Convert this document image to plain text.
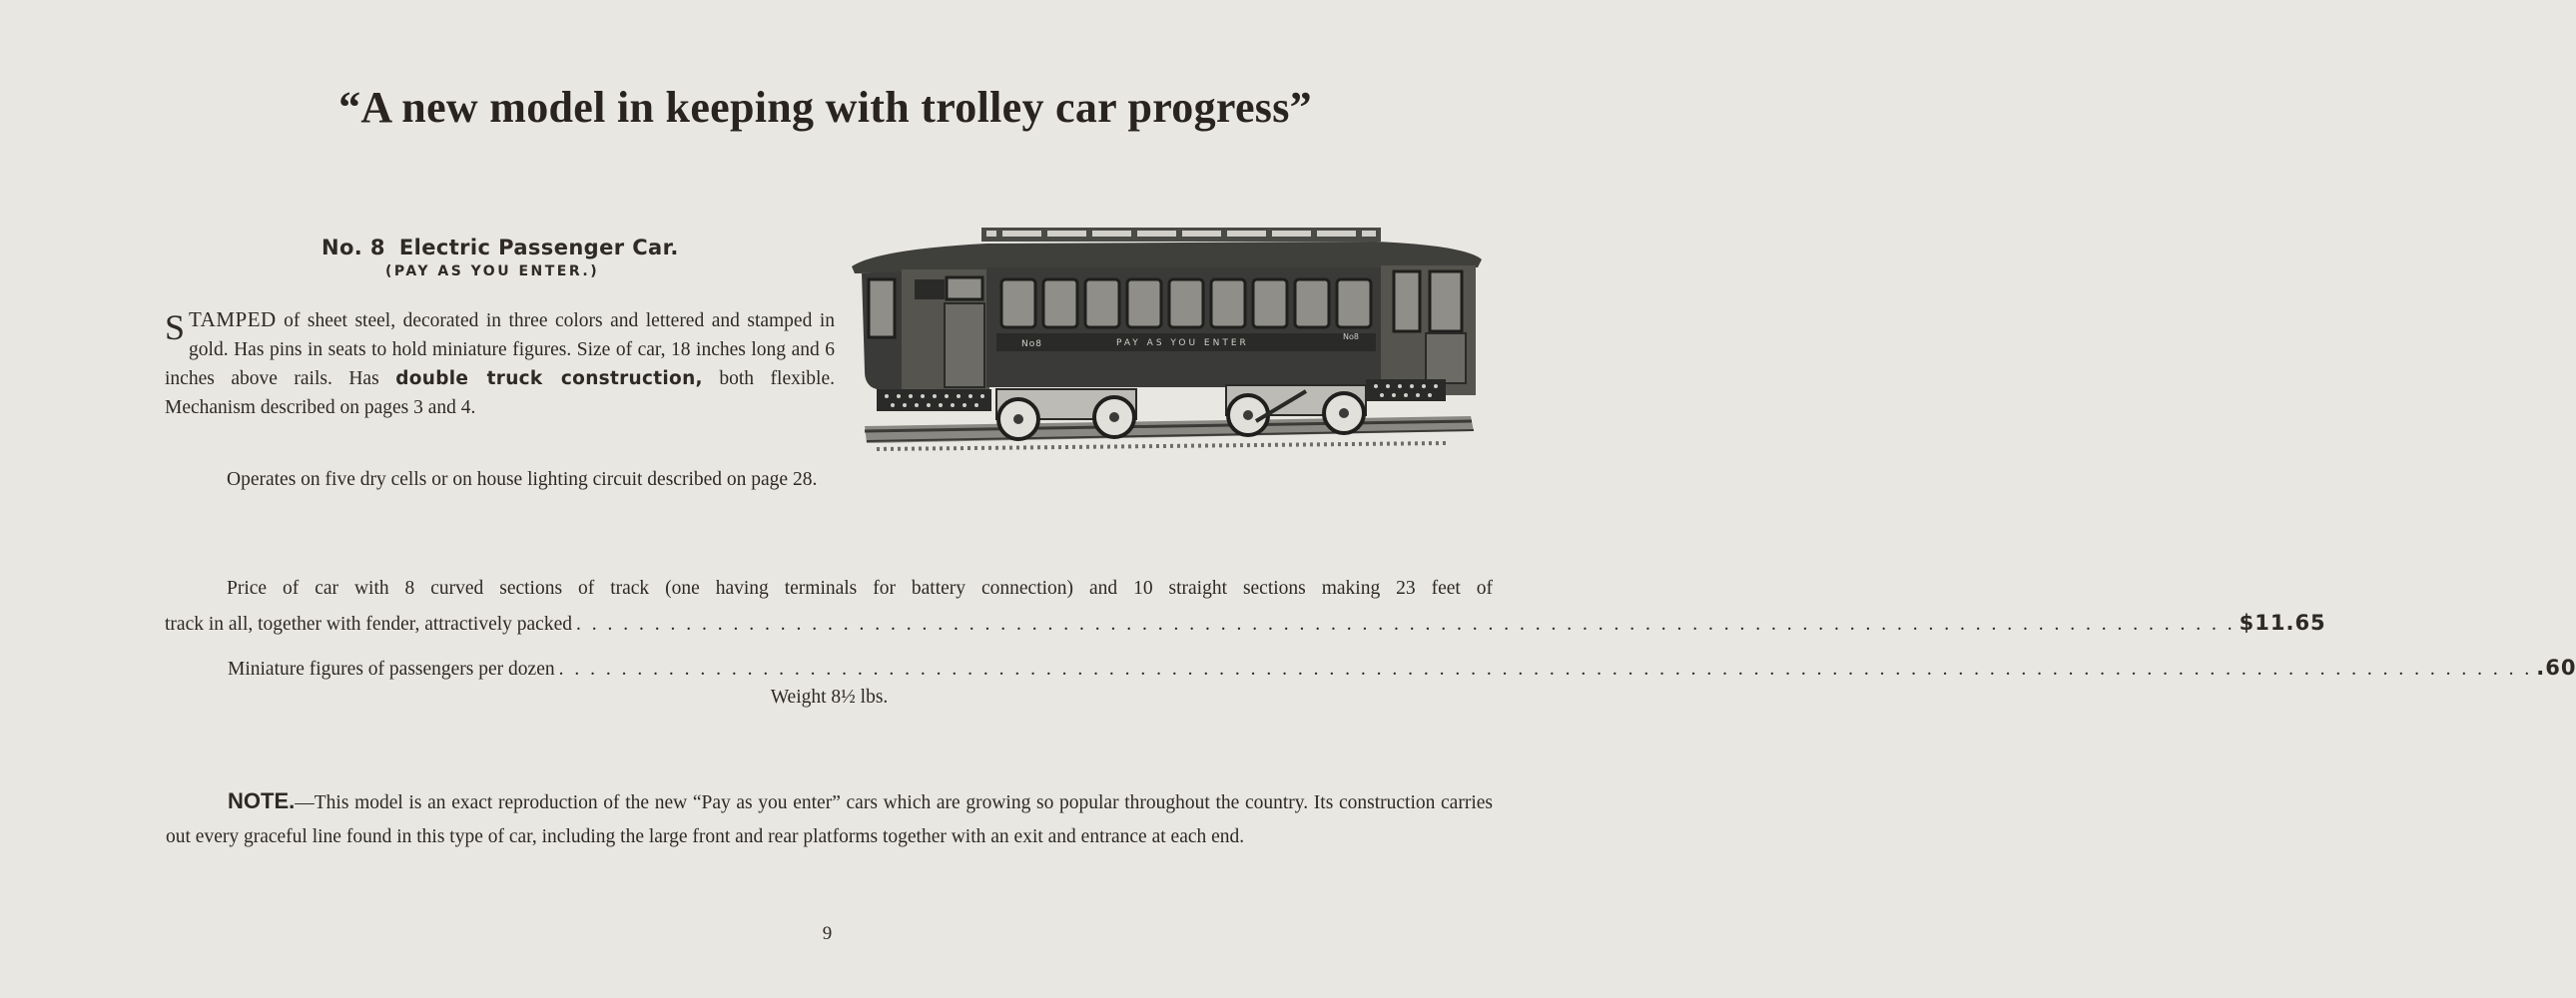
“A new model in keeping with trolley car progress”
No. 8 Electric Passenger Car.
(PAY AS YOU ENTER.)
STAMPED of sheet steel, decorated in three colors and lettered and stamped in gold. Has pins in seats to hold miniature figures. Size of car, 18 inches long and 6 inches above rails. Has double truck construction, both flexible. Mechanism described on pages 3 and 4.
Operates on five dry cells or on house lighting circuit described on page 28.
No8	PAY AS YOU ENTER
No8
Price of car with 8 curved sections of track (one having terminals for battery connection) and 10 straight sections making 23 feet of
track in all, together with fender, attractively packed . . . . . . . . . . . . . . . . . . . . . . . . . . . . . . . . . . . . . . . . . . . . . . . . . . . . . . . . . . . . . . . . . . . . . . . . . . . . . . . . . . . . . . . . . . . . . . . . . . . . . . . . . . $11.65
Miniature figures of passengers per dozen . . . . . . . . . . . . . . . . . . . . . . . . . . . . . . . . . . . . . . . . . . . . . . . . . . . . . . . . . . . . . . . . . . . . . . . . . . . . . . . . . . . . . . . . . . . . . . . . . . . . . . . . . . . . . . . . . . . . . . . . . . . . . . .60
Weight 8½ lbs.
NOTE.—This model is an exact reproduction of the new “Pay as you enter” cars which are growing so popular throughout the country. Its construction carries out every graceful line found in this type of car, including the large front and rear platforms together with an exit and entrance at each end.
9
